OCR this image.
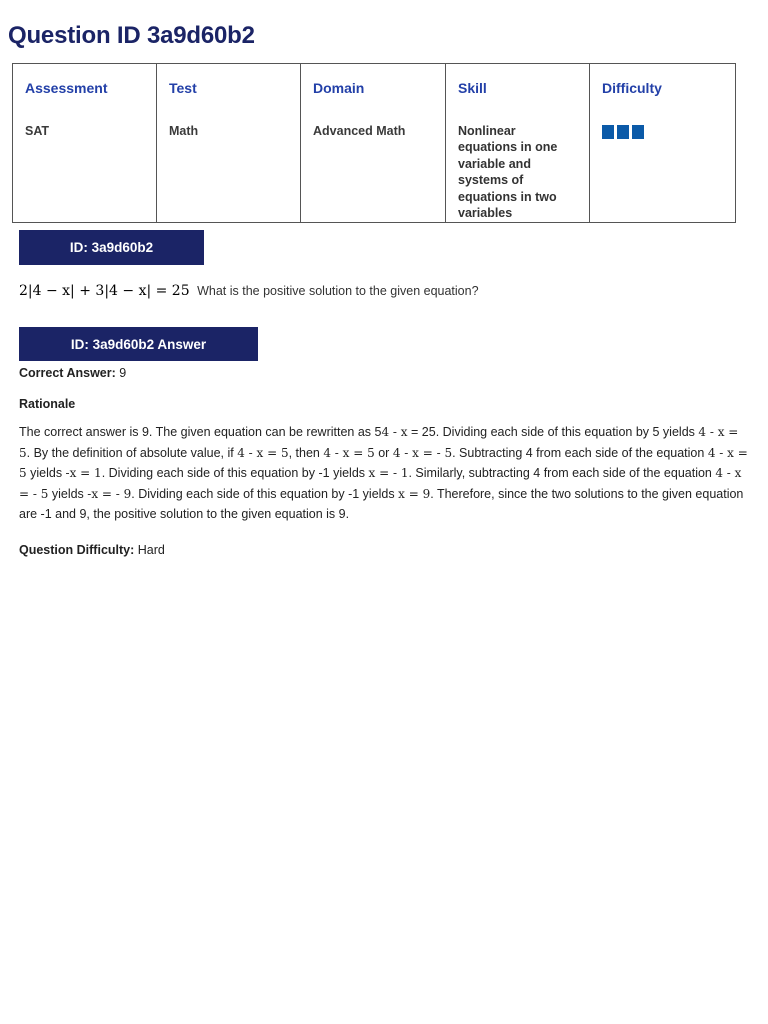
Question ID 3a9d60b2
Assessment	Test	Domain	Skill	Difficulty
SAT	Math	Advanced Math	Nonlinear equations in one variable and systems of equations in two variables	
ID: 3a9d60b2
2|4 − x| + 3|4 − x| = 25 What is the positive solution to the given equation?
ID: 3a9d60b2 Answer
Correct Answer: 9
Rationale
The correct answer is 9. The given equation can be rewritten as 54 - x = 25. Dividing each side of this equation by 5 yields 4 - x = 5. By the definition of absolute value, if 4 - x = 5, then 4 - x = 5 or 4 - x = - 5. Subtracting 4 from each side of the equation 4 - x = 5 yields -x = 1. Dividing each side of this equation by -1 yields x = - 1. Similarly, subtracting 4 from each side of the equation 4 - x = - 5 yields -x = - 9. Dividing each side of this equation by -1 yields x = 9. Therefore, since the two solutions to the given equation are -1 and 9, the positive solution to the given equation is 9.
Question Difficulty: Hard
